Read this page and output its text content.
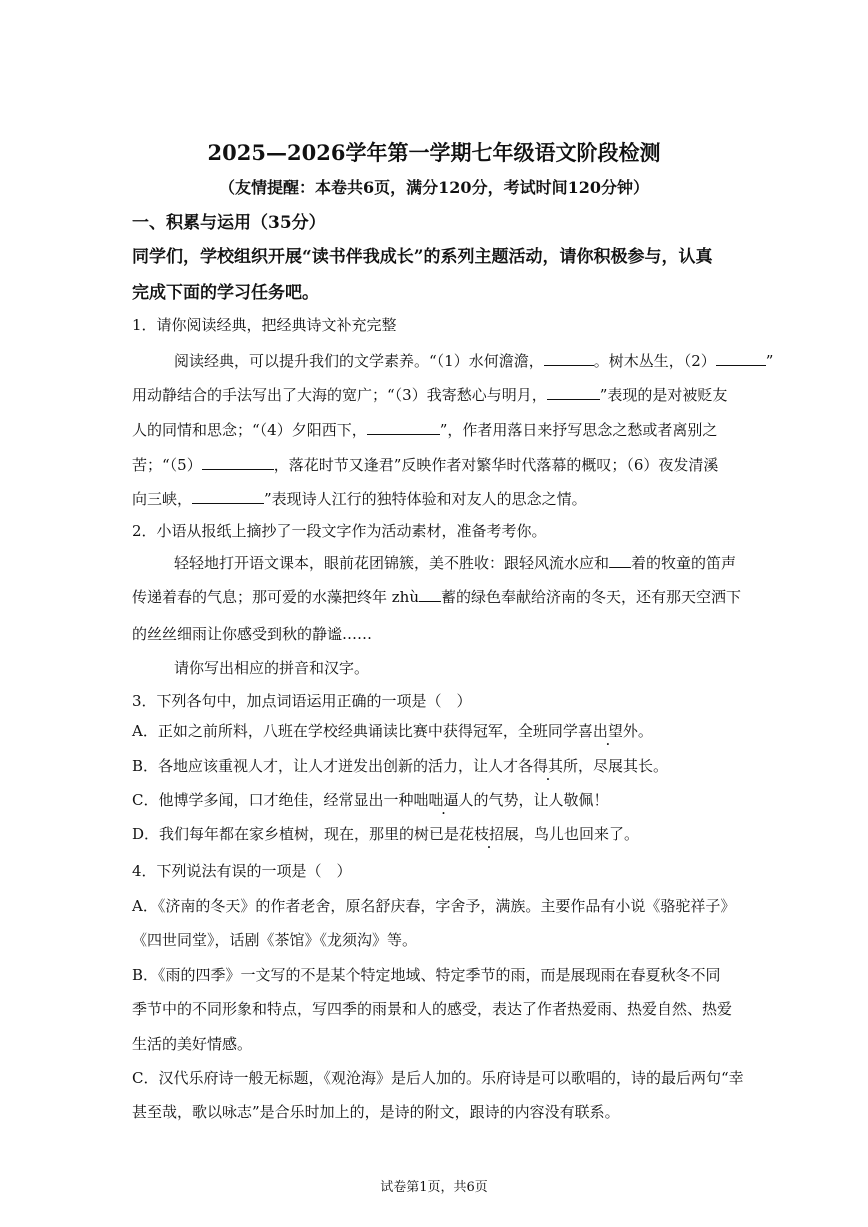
2025—2026学年第一学期七年级语文阶段检测
（友情提醒：本卷共6页，满分120分，考试时间120分钟）
一、积累与运用（35分）
同学们，学校组织开展“读书伴我成长”的系列主题活动，请你积极参与，认真
完成下面的学习任务吧。
1．请你阅读经典，把经典诗文补充完整
阅读经典，可以提升我们的文学素养。“（1）水何澹澹，	。树木丛生，（2）	”
用动静结合的手法写出了大海的宽广；“（3）我寄愁心与明月，	”表现的是对被贬友
人的同情和思念；“（4）夕阳西下，	”，作者用落日来抒写思念之愁或者离别之
苦；“（5）	，落花时节又逢君”反映作者对繁华时代落幕的概叹；（6）夜发清溪
向三峡，	”表现诗人江行的独特体验和对友人的思念之情。
2．小语从报纸上摘抄了一段文字作为活动素材，准备考考你。
轻轻地打开语文课本，眼前花团锦簇，美不胜收：跟轻风流水应和 着的牧童的笛声
传递着春的气息；那可爱的水藻把终年 zhù 蓄的绿色奉献给济南的冬天，还有那天空洒下
的丝丝细雨让你感受到秋的静谧……
请你写出相应的拼音和汉字。
3．下列各句中，加点词语运用正确的一项是（　）
A．正如之前所料，八班在学校经典诵读比赛中获得冠军，全班同学喜出望外。
B．各地应该重视人才，让人才迸发出创新的活力，让人才各得其所，尽展其长。
C．他博学多闻，口才绝佳，经常显出一种咄咄逼人的气势，让人敬佩！
D．我们每年都在家乡植树，现在，那里的树已是花枝招展，鸟儿也回来了。
4．下列说法有误的一项是（　）
A．《济南的冬天》的作者老舍，原名舒庆春，字舍予，满族。主要作品有小说《骆驼祥子》
《四世同堂》，话剧《茶馆》《龙须沟》等。
B．《雨的四季》一文写的不是某个特定地域、特定季节的雨，而是展现雨在春夏秋冬不同
季节中的不同形象和特点，写四季的雨景和人的感受，表达了作者热爱雨、热爱自然、热爱
生活的美好情感。
C．汉代乐府诗一般无标题，《观沧海》是后人加的。乐府诗是可以歌唱的，诗的最后两句“幸
甚至哉，歌以咏志”是合乐时加上的，是诗的附文，跟诗的内容没有联系。
试卷第1页，共6页
